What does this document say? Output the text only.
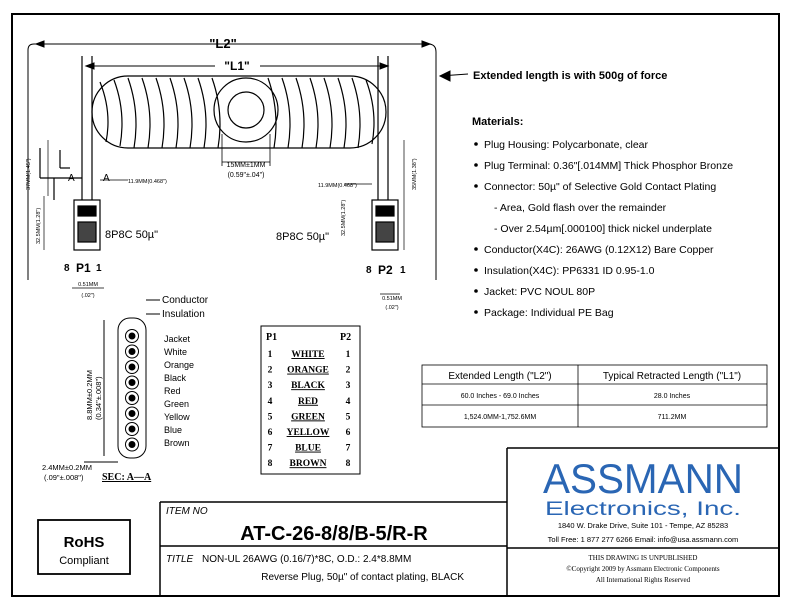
"L2"
"L1"
Extended length is with 500g of force
15MM±1MM
(0.59"±.04")
A	A	11.9MM(0.468")
37MM(1.45")
32.5MM(1.28")	8P8C 50µ"
8 P1 1
0.51MM
(.02")
11.9MM(0.468")	35MM(1.38")
32.5MM(1.28")
8P8C 50µ"
8 P2 1
0.51MM
(.02")
Conductor
Insulation
Jacket
White
Orange
Black
Red
Green
Yellow
Blue
Brown
8.8MM±0.2MM (0.34"±.008")
2.4MM±0.2MM
(.09"±.008") SEC: A—A
P1	P2
1 WHITE 1
2 ORANGE 2
3 BLACK 3
4	RED	4
5 GREEN 5
6 YELLOW 6
7 BLUE	7
8 BROWN 8
Materials:
Plug Housing: Polycarbonate, clear
Plug Terminal: 0.36"[.014MM] Thick Phosphor Bronze
Connector: 50µ" of Selective Gold Contact Plating
- Area, Gold flash over the remainder
- Over 2.54µm[.000100] thick nickel underplate
Conductor(X4C): 26AWG (0.12X12) Bare Copper
Insulation(X4C): PP6331 ID 0.95-1.0
Jacket: PVC NOUL 80P
Package: Individual PE Bag
Extended Length ("L2")	Typical Retracted Length ("L1")
60.0 Inches - 69.0 Inches	28.0 Inches
1,524.0MM-1,752.6MM	711.2MM
ITEM NO
AT-C-26-8/8/B-5/R-R
TITLE NON-UL 26AWG (0.16/7)*8C, O.D.: 2.4*8.8MM
Reverse Plug, 50µ" of contact plating, BLACK
RoHS
Compliant
ASSMANN
Electronics, Inc.
1840 W. Drake Drive, Suite 101 - Tempe, AZ 85283
Toll Free: 1 877 277 6266 Email: info@usa.assmann.com
THIS DRAWING IS UNPUBLISHED
©Copyright 2009 by Assmann Electronic Components
All International Rights Reserved
